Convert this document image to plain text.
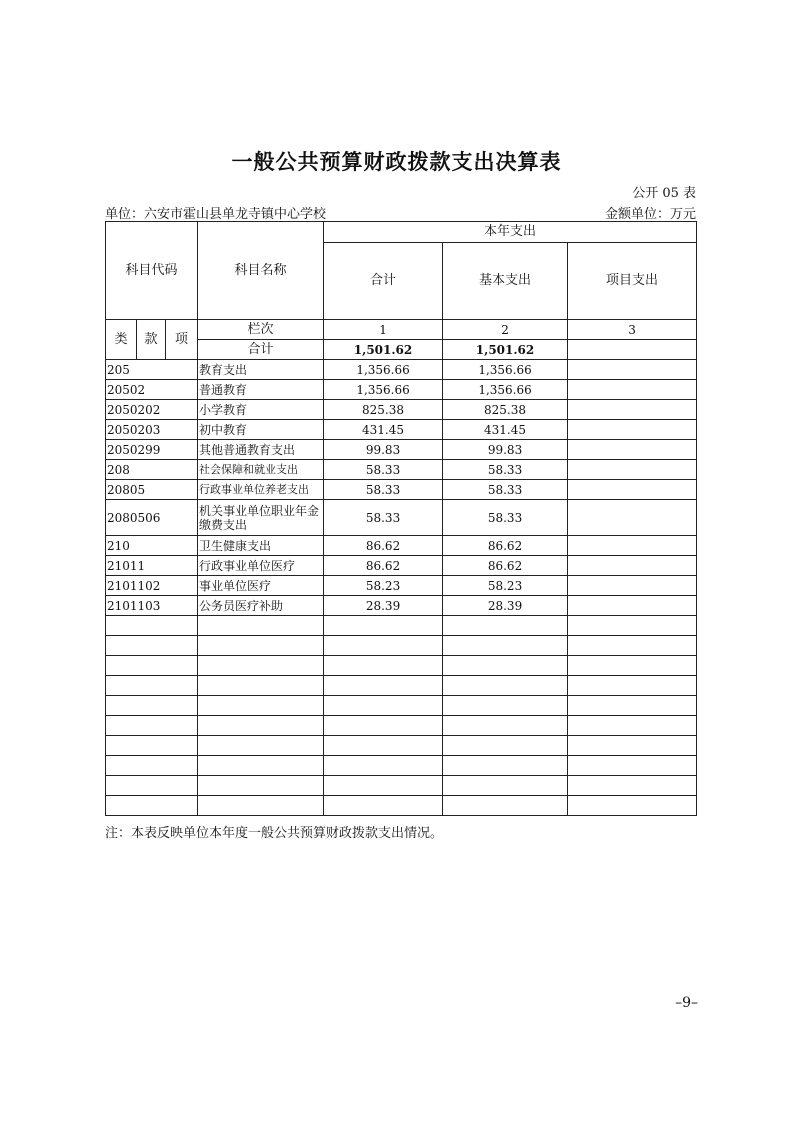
一般公共预算财政拨款支出决算表
公开 05 表
单位：六安市霍山县单龙寺镇中心学校	金额单位：万元
科目代码			科目名称	本年支出		
				合计	基本支出	项目支出
类	款	项	栏次	1	2	3
			合计	1,501.62	1,501.62	
205			教育支出	1,356.66	1,356.66	
20502			普通教育	1,356.66	1,356.66	
2050202			小学教育	825.38	825.38	
2050203			初中教育	431.45	431.45	
2050299			其他普通教育支出	99.83	99.83	
208			社会保障和就业支出	58.33	58.33	
20805			行政事业单位养老支出	58.33	58.33	
2080506			机关事业单位职业年金缴费支出	58.33	58.33	
210			卫生健康支出	86.62	86.62	
21011			行政事业单位医疗	86.62	86.62	
2101102			事业单位医疗	58.23	58.23	
2101103			公务员医疗补助	28.39	28.39	

注：本表反映单位本年度一般公共预算财政拨款支出情况。
–9–
